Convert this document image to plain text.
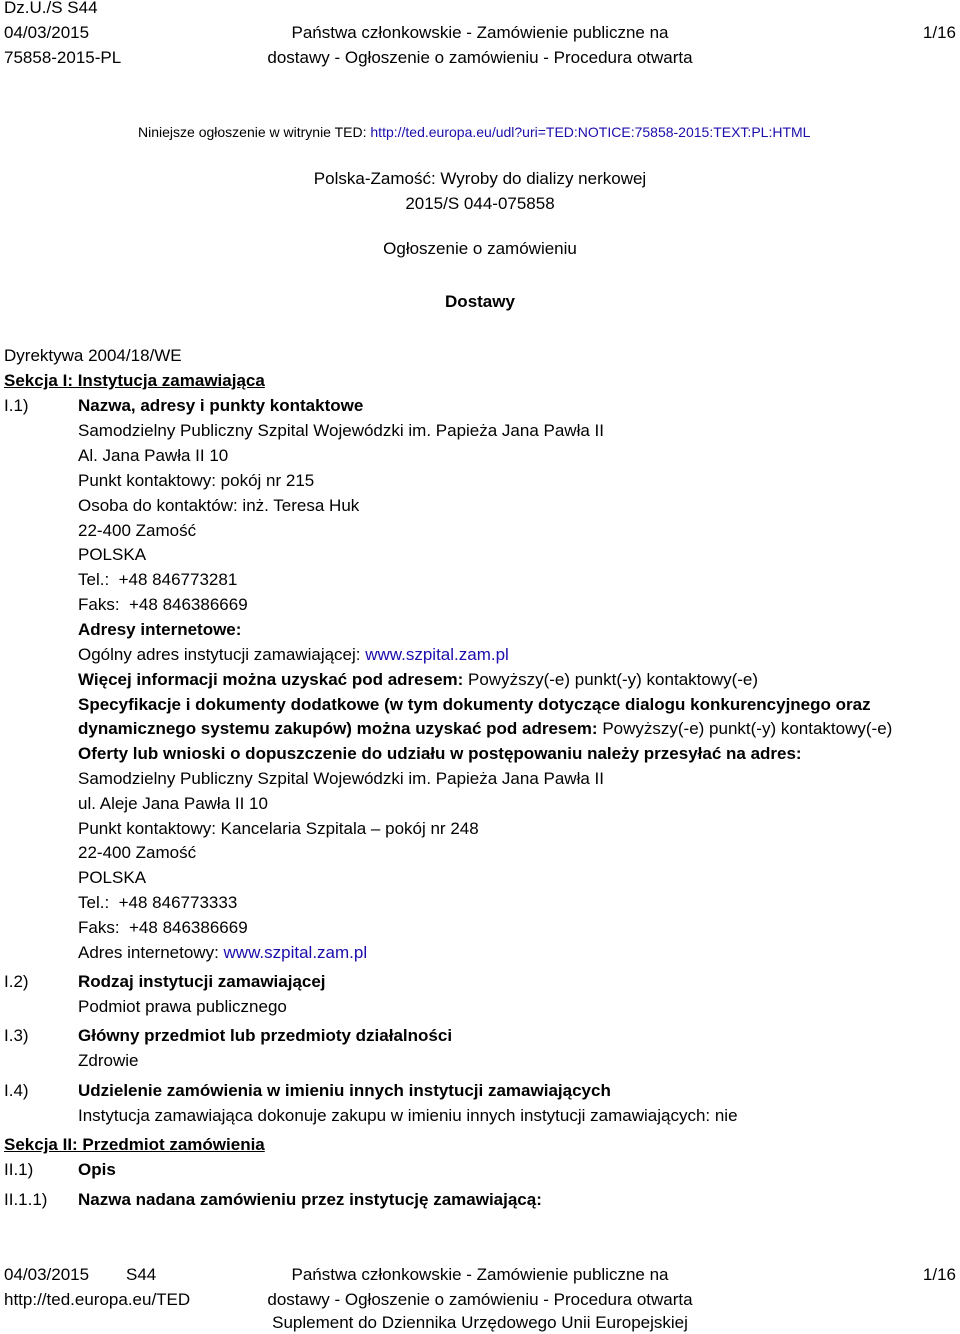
Dz.U./S S44
04/03/2015
75858-2015-PL
Państwa członkowskie - Zamówienie publiczne na
dostawy - Ogłoszenie o zamówieniu - Procedura otwarta
1/16
Niniejsze ogłoszenie w witrynie TED: http://ted.europa.eu/udl?uri=TED:NOTICE:75858-2015:TEXT:PL:HTML
Polska-Zamość: Wyroby do dializy nerkowej
2015/S 044-075858
Ogłoszenie o zamówieniu
Dostawy
Dyrektywa 2004/18/WE
Sekcja I: Instytucja zamawiająca
I.1)	Nazwa, adresy i punkty kontaktowe
Samodzielny Publiczny Szpital Wojewódzki im. Papieża Jana Pawła II
Al. Jana Pawła II 10
Punkt kontaktowy: pokój nr 215
Osoba do kontaktów: inż. Teresa Huk
22-400 Zamość
POLSKA
Tel.:  +48 846773281
Faks:  +48 846386669
Adresy internetowe:
Ogólny adres instytucji zamawiającej: www.szpital.zam.pl
Więcej informacji można uzyskać pod adresem: Powyższy(-e) punkt(-y) kontaktowy(-e)
Specyfikacje i dokumenty dodatkowe (w tym dokumenty dotyczące dialogu konkurencyjnego oraz
dynamicznego systemu zakupów) można uzyskać pod adresem: Powyższy(-e) punkt(-y) kontaktowy(-e)
Oferty lub wnioski o dopuszczenie do udziału w postępowaniu należy przesyłać na adres:
Samodzielny Publiczny Szpital Wojewódzki im. Papieża Jana Pawła II
ul. Aleje Jana Pawła II 10
Punkt kontaktowy: Kancelaria Szpitala – pokój nr 248
22-400 Zamość
POLSKA
Tel.:  +48 846773333
Faks:  +48 846386669
Adres internetowy: www.szpital.zam.pl
I.2)	Rodzaj instytucji zamawiającej
Podmiot prawa publicznego
I.3)	Główny przedmiot lub przedmioty działalności
Zdrowie
I.4)	Udzielenie zamówienia w imieniu innych instytucji zamawiających
Instytucja zamawiająca dokonuje zakupu w imieniu innych instytucji zamawiających: nie
Sekcja II: Przedmiot zamówienia
II.1)	Opis
II.1.1) Nazwa nadana zamówieniu przez instytucję zamawiającą:
04/03/2015 S44
http://ted.europa.eu/TED
Państwa członkowskie - Zamówienie publiczne na
dostawy - Ogłoszenie o zamówieniu - Procedura otwarta
Suplement do Dziennika Urzędowego Unii Europejskiej
1/16
